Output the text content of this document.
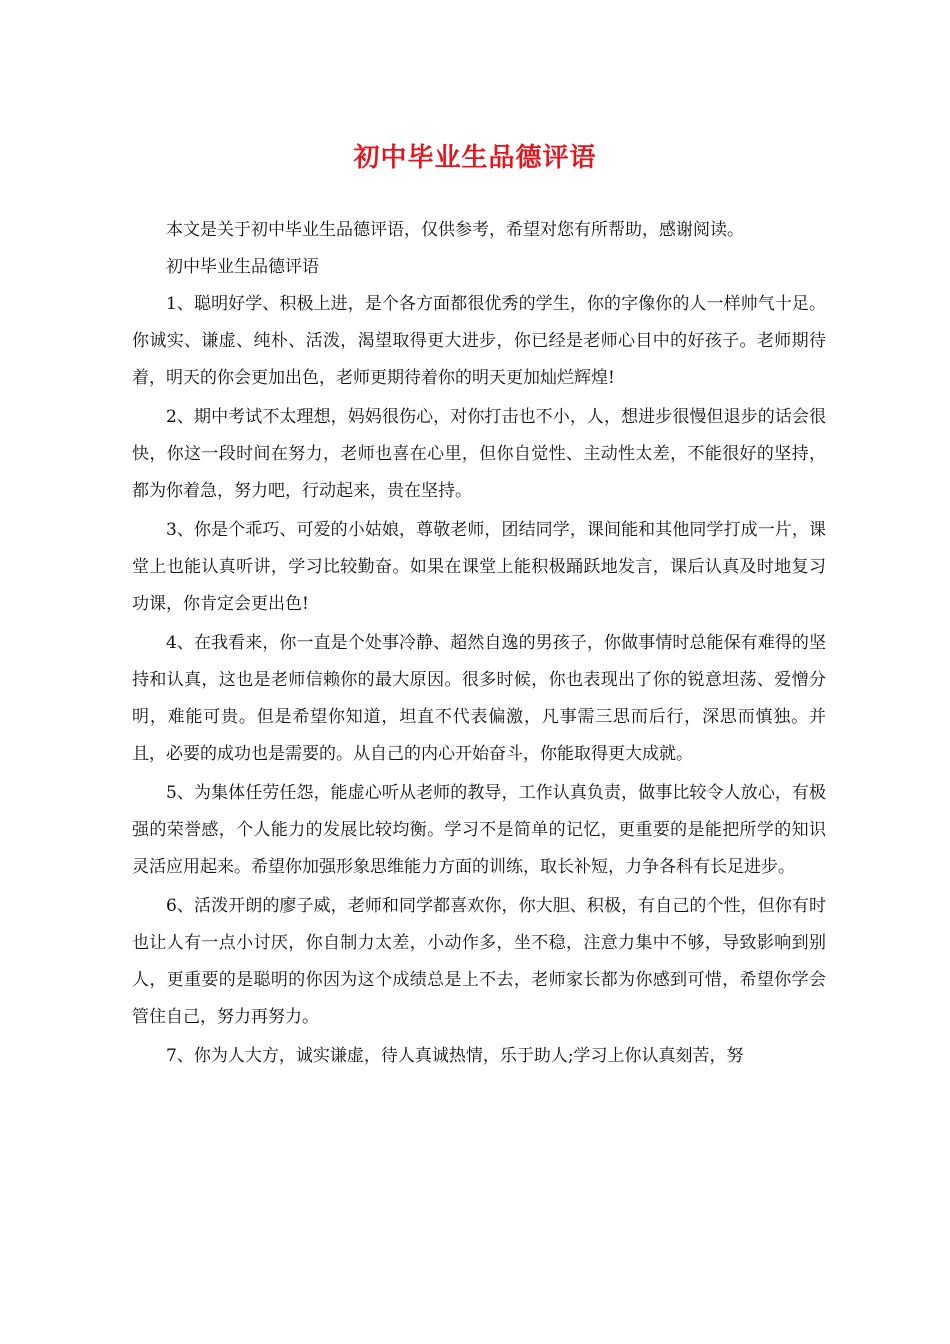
初中毕业生品德评语

本文是关于初中毕业生品德评语，仅供参考，希望对您有所帮助，感谢阅读。

初中毕业生品德评语

1、聪明好学、积极上进，是个各方面都很优秀的学生，你的字像你的人一样帅气十足。你诚实、谦虚、纯朴、活泼，渴望取得更大进步，你已经是老师心目中的好孩子。老师期待着，明天的你会更加出色，老师更期待着你的明天更加灿烂辉煌!

2、期中考试不太理想，妈妈很伤心，对你打击也不小，人，想进步很慢但退步的话会很快，你这一段时间在努力，老师也喜在心里，但你自觉性、主动性太差，不能很好的坚持，都为你着急，努力吧，行动起来，贵在坚持。

3、你是个乖巧、可爱的小姑娘，尊敬老师，团结同学，课间能和其他同学打成一片，课堂上也能认真听讲，学习比较勤奋。如果在课堂上能积极踊跃地发言，课后认真及时地复习功课，你肯定会更出色!

4、在我看来，你一直是个处事冷静、超然自逸的男孩子，你做事情时总能保有难得的坚持和认真，这也是老师信赖你的最大原因。很多时候，你也表现出了你的锐意坦荡、爱憎分明，难能可贵。但是希望你知道，坦直不代表偏激，凡事需三思而后行，深思而慎独。并且，必要的成功也是需要的。从自己的内心开始奋斗，你能取得更大成就。

5、为集体任劳任怨，能虚心听从老师的教导，工作认真负责，做事比较令人放心，有极强的荣誉感，个人能力的发展比较均衡。学习不是简单的记忆，更重要的是能把所学的知识灵活应用起来。希望你加强形象思维能力方面的训练，取长补短，力争各科有长足进步。

6、活泼开朗的廖子威，老师和同学都喜欢你，你大胆、积极，有自己的个性，但你有时也让人有一点小讨厌，你自制力太差，小动作多，坐不稳，注意力集中不够，导致影响到别人，更重要的是聪明的你因为这个成绩总是上不去，老师家长都为你感到可惜，希望你学会管住自己，努力再努力。

7、你为人大方，诚实谦虚，待人真诚热情，乐于助人;学习上你认真刻苦，努
